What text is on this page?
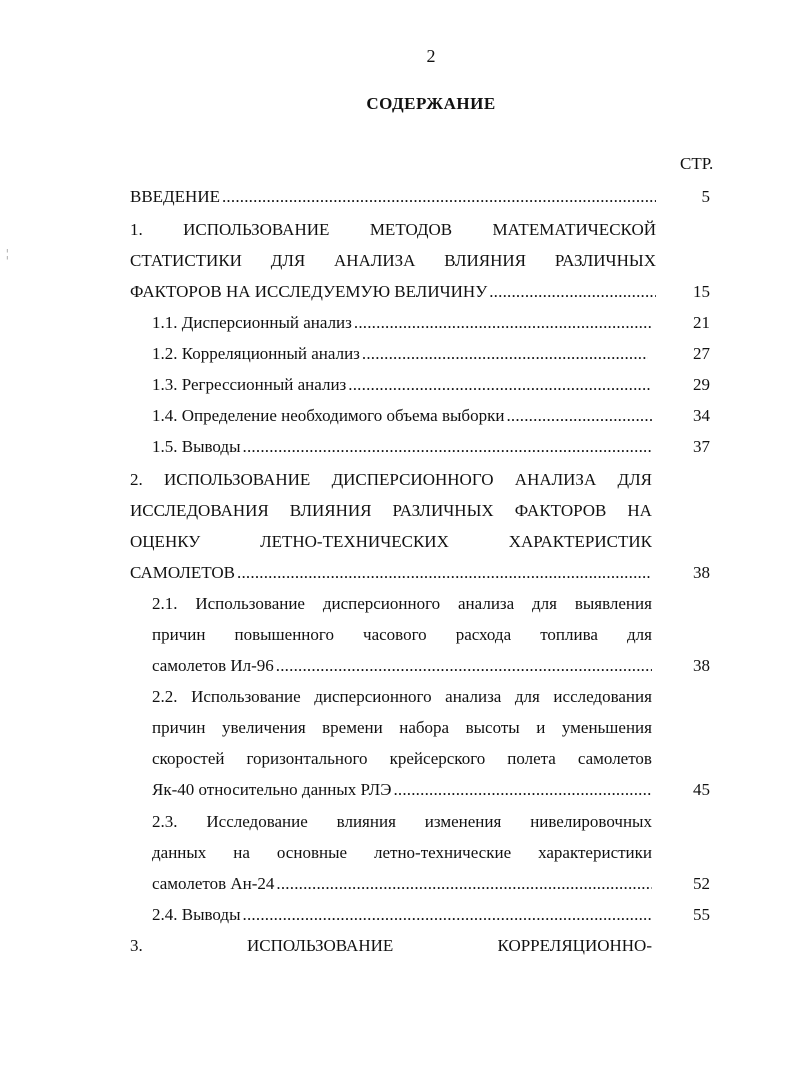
2
СОДЕРЖАНИЕ
СТР.
ВВЕДЕНИЕ .....	5
1. ИСПОЛЬЗОВАНИЕ МЕТОДОВ МАТЕМАТИЧЕСКОЙ
СТАТИСТИКИ ДЛЯ АНАЛИЗА ВЛИЯНИЯ РАЗЛИЧНЫХ
ФАКТОРОВ НА ИССЛЕДУЕМУЮ ВЕЛИЧИНУ .....	15
1.1. Дисперсионный анализ .....	21
1.2. Корреляционный анализ .....	27
1.3. Регрессионный анализ .....	29
1.4. Определение необходимого объема выборки .....	34
1.5. Выводы .....	37
2. ИСПОЛЬЗОВАНИЕ ДИСПЕРСИОННОГО АНАЛИЗА ДЛЯ
ИССЛЕДОВАНИЯ ВЛИЯНИЯ РАЗЛИЧНЫХ ФАКТОРОВ НА
ОЦЕНКУ	ЛЕТНО-ТЕХНИЧЕСКИХ	ХАРАКТЕРИСТИК
САМОЛЕТОВ .....	38
2.1. Использование дисперсионного анализа для выявления
причин повышенного часового расхода топлива для
самолетов Ил-96 .....	38
2.2. Использование дисперсионного анализа для исследования
причин увеличения времени набора высоты и уменьшения
скоростей горизонтального крейсерского полета самолетов
Як-40 относительно данных РЛЭ .....	45
2.3. Исследование влияния изменения нивелировочных
данных на основные летно-технические характеристики
самолетов Ан-24 .....	52
2.4. Выводы .....	55
3.	ИСПОЛЬЗОВАНИЕ	КОРРЕЛЯЦИОННО-
¦
